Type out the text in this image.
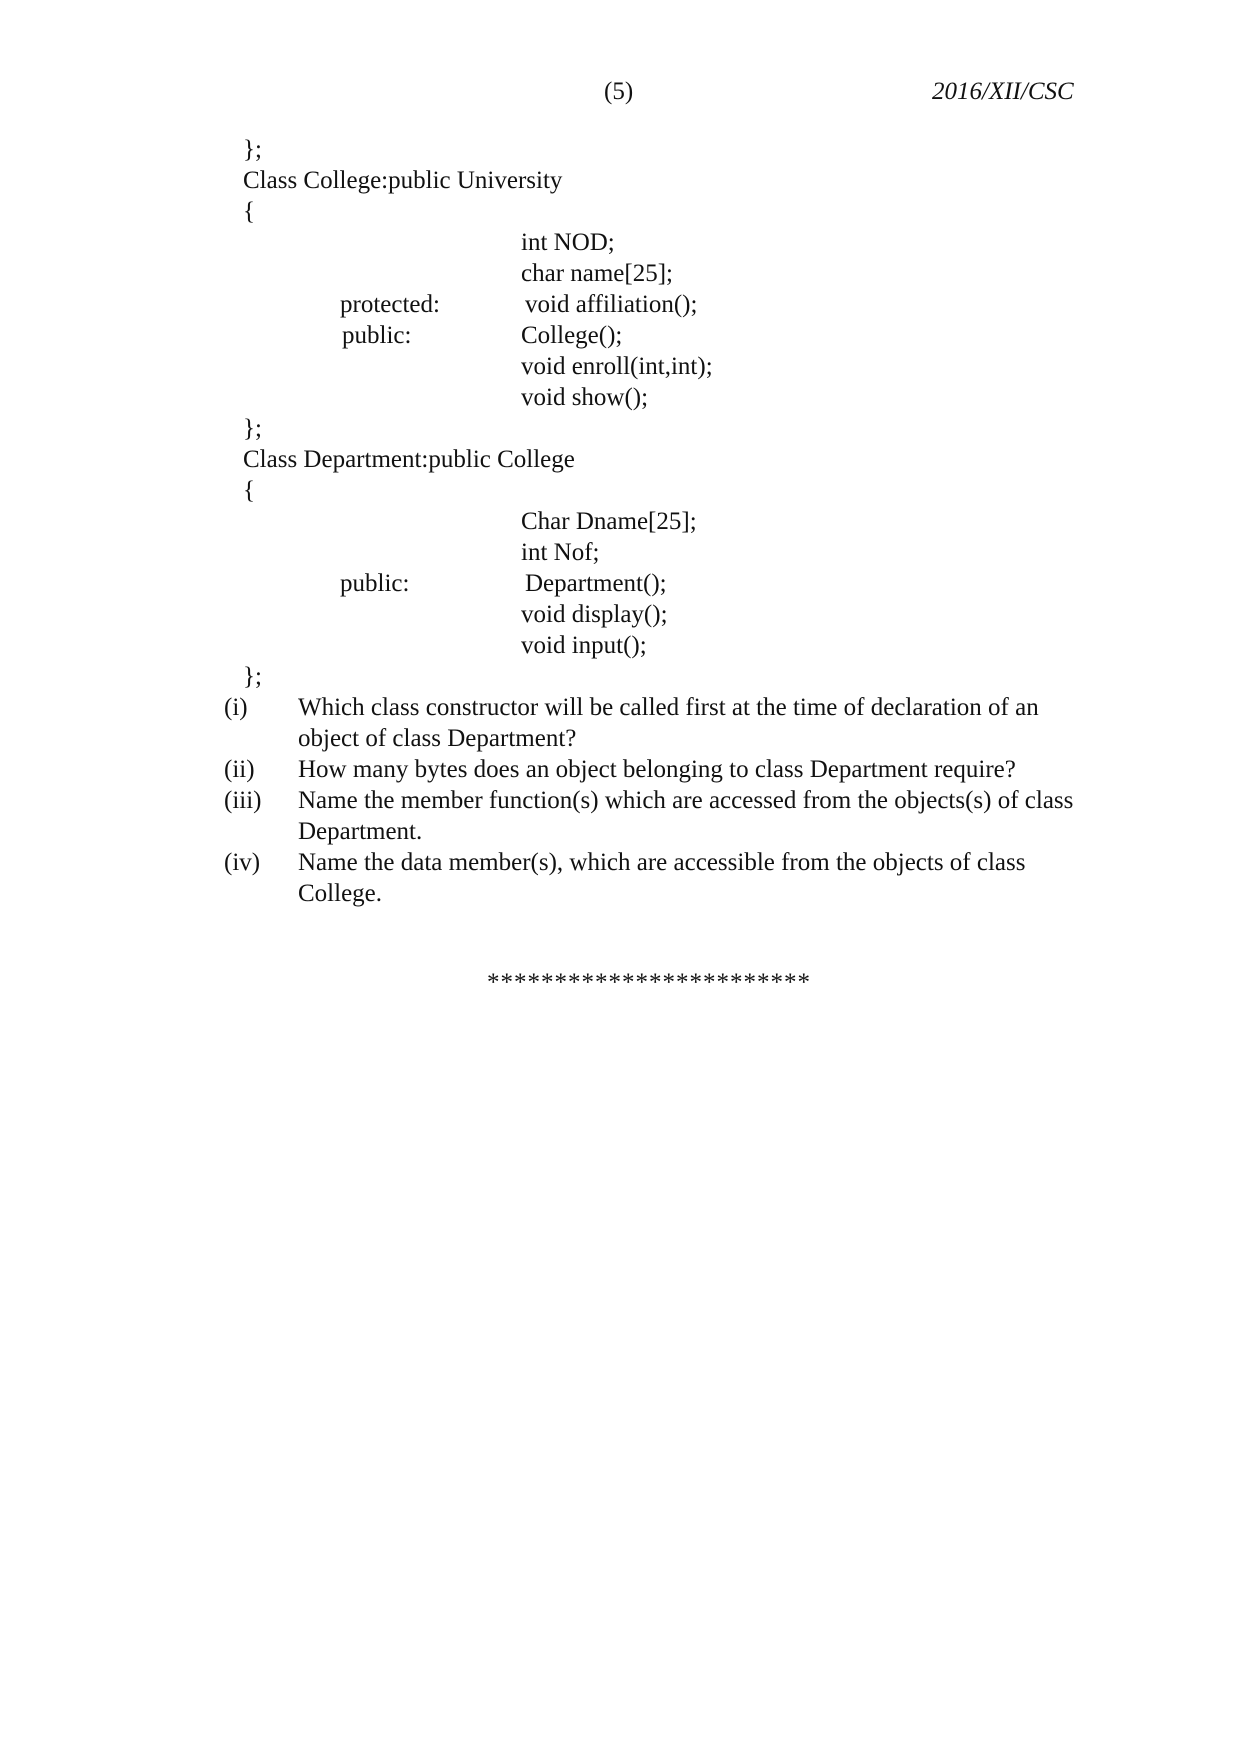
(5)	2016/XII/CSC
};
Class College:public University
{
int NOD;
char name[25];
protected:	void affiliation();
public:	College();
void enroll(int,int);
void show();
};
Class Department:public College
{
Char Dname[25];
int Nof;
public:	Department();
void display();
void input();
};
(i) Which class constructor will be called first at the time of declaration of an object of class Department?
(ii) How many bytes does an object belonging to class Department require?
(iii) Name the member function(s) which are accessed from the objects(s) of class Department.
(iv) Name the data member(s), which are accessible from the objects of class College.
************************
